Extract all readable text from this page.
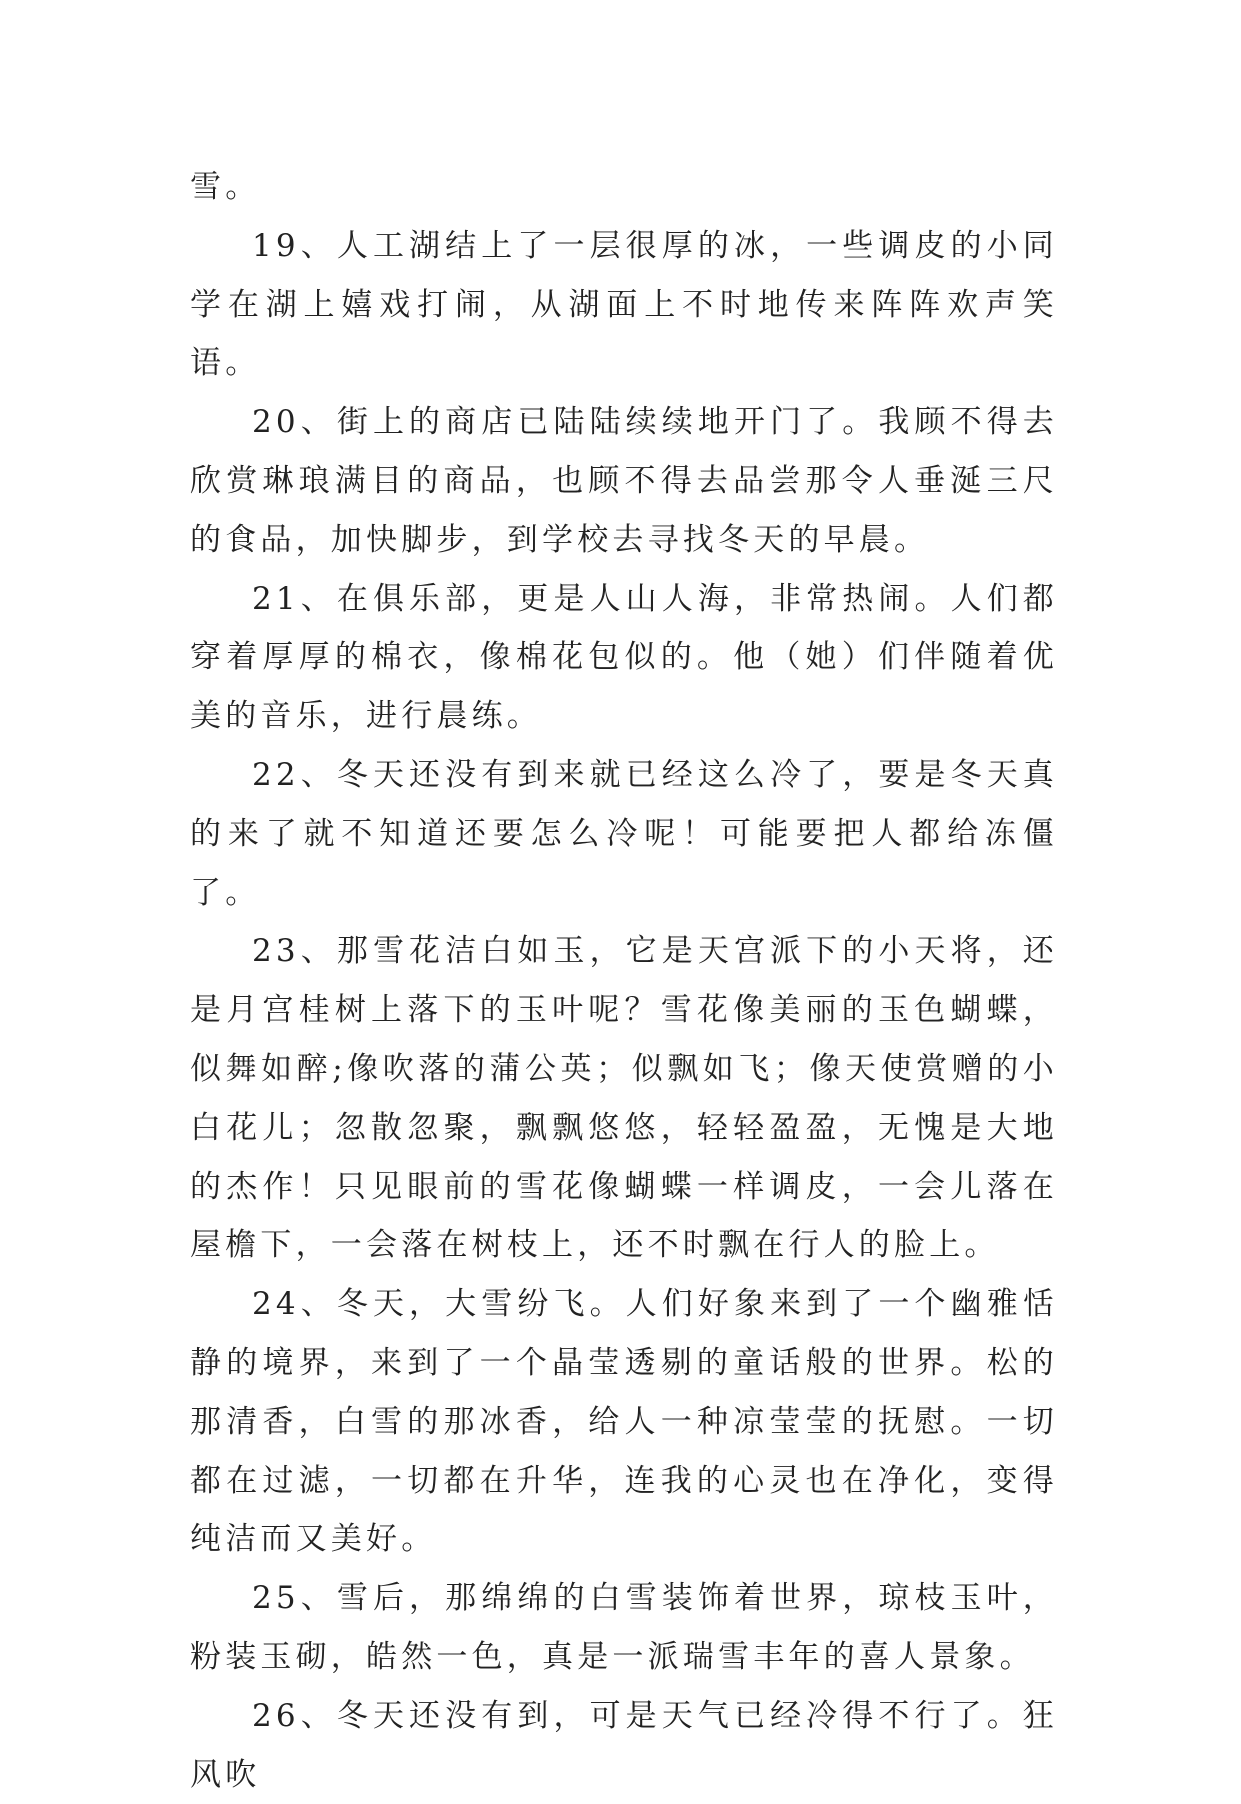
雪。

19、人工湖结上了一层很厚的冰，一些调皮的小同学在湖上嬉戏打闹，从湖面上不时地传来阵阵欢声笑语。

20、街上的商店已陆陆续续地开门了。我顾不得去欣赏琳琅满目的商品，也顾不得去品尝那令人垂涎三尺的食品，加快脚步，到学校去寻找冬天的早晨。

21、在俱乐部，更是人山人海，非常热闹。人们都穿着厚厚的棉衣，像棉花包似的。他（她）们伴随着优美的音乐，进行晨练。

22、冬天还没有到来就已经这么冷了，要是冬天真的来了就不知道还要怎么冷呢！可能要把人都给冻僵了。

23、那雪花洁白如玉，它是天宫派下的小天将，还是月宫桂树上落下的玉叶呢？雪花像美丽的玉色蝴蝶，似舞如醉;像吹落的蒲公英；似飘如飞；像天使赏赠的小白花儿；忽散忽聚，飘飘悠悠，轻轻盈盈，无愧是大地的杰作！只见眼前的雪花像蝴蝶一样调皮，一会儿落在屋檐下，一会落在树枝上，还不时飘在行人的脸上。

24、冬天，大雪纷飞。人们好象来到了一个幽雅恬静的境界，来到了一个晶莹透剔的童话般的世界。松的那清香，白雪的那冰香，给人一种凉莹莹的抚慰。一切都在过滤，一切都在升华，连我的心灵也在净化，变得纯洁而又美好。

25、雪后，那绵绵的白雪装饰着世界，琼枝玉叶，粉装玉砌，皓然一色，真是一派瑞雪丰年的喜人景象。

26、冬天还没有到，可是天气已经冷得不行了。狂风吹
